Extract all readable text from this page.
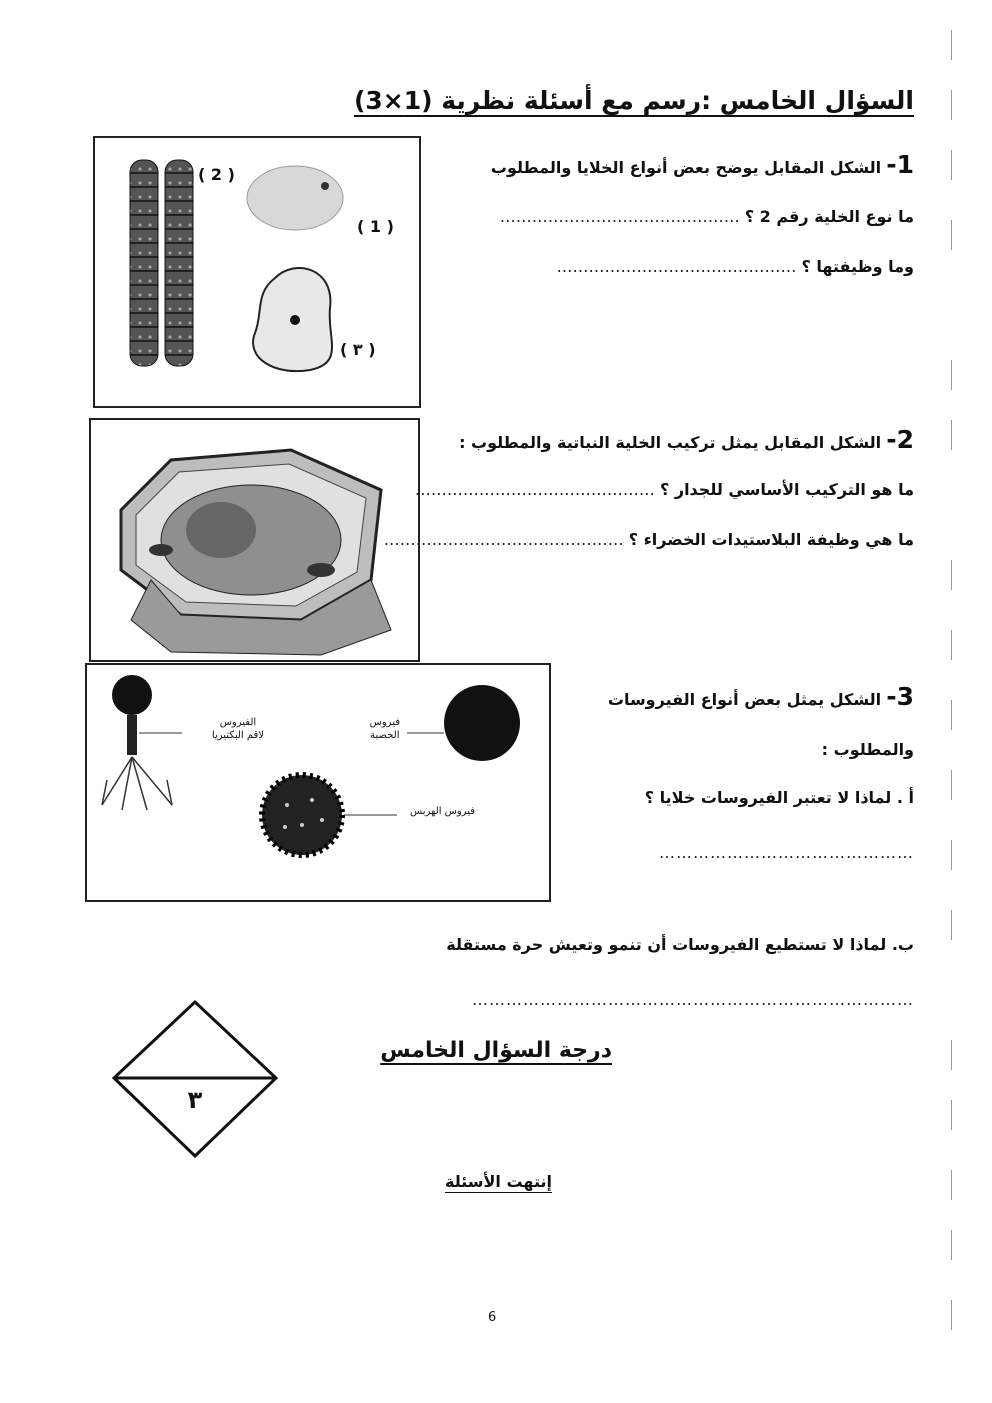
السؤال الخامس :رسم مع أسئلة نظرية (1×3)
( 2 )
( 1 )
( ٣ )
1- الشكل المقابل يوضح بعض أنواع الخلايا والمطلوب
ما نوع الخلية رقم 2 ؟ ………………………………………
وما وظيفتها ؟ ………………………………………
2- الشكل المقابل يمثل تركيب الخلية النباتية والمطلوب :
ما هو التركيب الأساسي للجدار ؟ ………………………………………
ما هي وظيفة البلاستيدات الخضراء ؟ ………………………………………
الفيروس
لاقم البكتيريا
فيروس
الحصبة
فيروس الهربس
3- الشكل يمثل بعض أنواع الفيروسات
والمطلوب :
أ . لماذا لا تعتبر الفيروسات خلايا ؟
………………………………………
ب. لماذا لا تستطيع الفيروسات أن تنمو وتعيش حرة مستقلة
……………………………………………………………………
٣
درجة السؤال الخامس
إنتهت الأسئلة
6
